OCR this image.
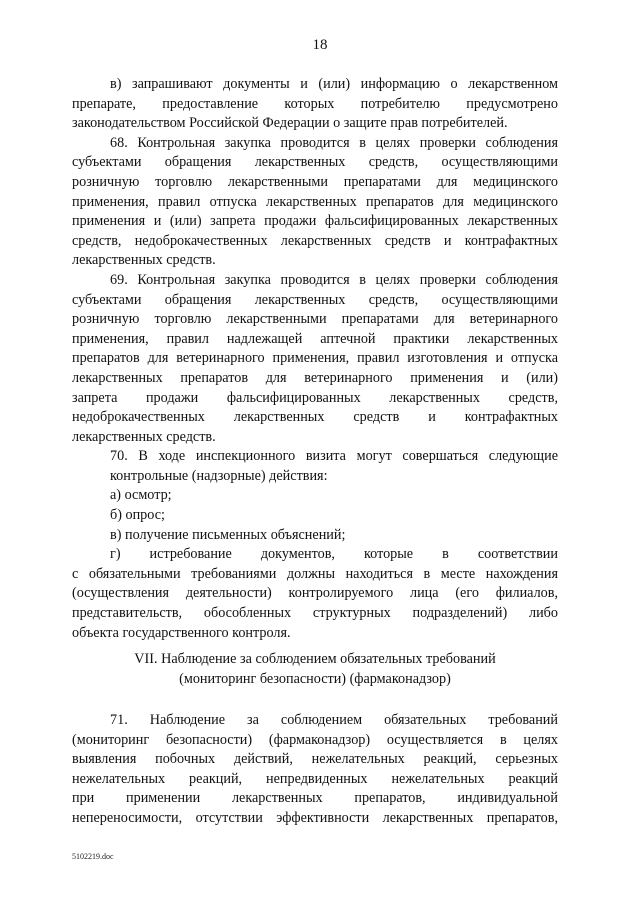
18
в) запрашивают документы и (или) информацию о лекарственном
препарате, предоставление которых потребителю предусмотрено
законодательством Российской Федерации о защите прав потребителей.
68. Контрольная закупка проводится в целях проверки соблюдения
субъектами обращения лекарственных средств, осуществляющими
розничную торговлю лекарственными препаратами для медицинского
применения, правил отпуска лекарственных препаратов для медицинского
применения и (или) запрета продажи фальсифицированных лекарственных
средств, недоброкачественных лекарственных средств и контрафактных
лекарственных средств.
69. Контрольная закупка проводится в целях проверки соблюдения
субъектами обращения лекарственных средств, осуществляющими
розничную торговлю лекарственными препаратами для ветеринарного
применения, правил надлежащей аптечной практики лекарственных
препаратов для ветеринарного применения, правил изготовления и отпуска
лекарственных препаратов для ветеринарного применения и (или)
запрета продажи фальсифицированных лекарственных средств,
недоброкачественных лекарственных средств и контрафактных
лекарственных средств.
70. В ходе инспекционного визита могут совершаться следующие
контрольные (надзорные) действия:
а) осмотр;
б) опрос;
в) получение письменных объяснений;
г) истребование документов, которые в соответствии
с обязательными требованиями должны находиться в месте нахождения
(осуществления деятельности) контролируемого лица (его филиалов,
представительств, обособленных структурных подразделений) либо
объекта государственного контроля.
VII. Наблюдение за соблюдением обязательных требований
(мониторинг безопасности) (фармаконадзор)
71. Наблюдение за соблюдением обязательных требований
(мониторинг безопасности) (фармаконадзор) осуществляется в целях
выявления побочных действий, нежелательных реакций, серьезных
нежелательных реакций, непредвиденных нежелательных реакций
при применении лекарственных препаратов, индивидуальной
непереносимости, отсутствии эффективности лекарственных препаратов,
5102219.doc
